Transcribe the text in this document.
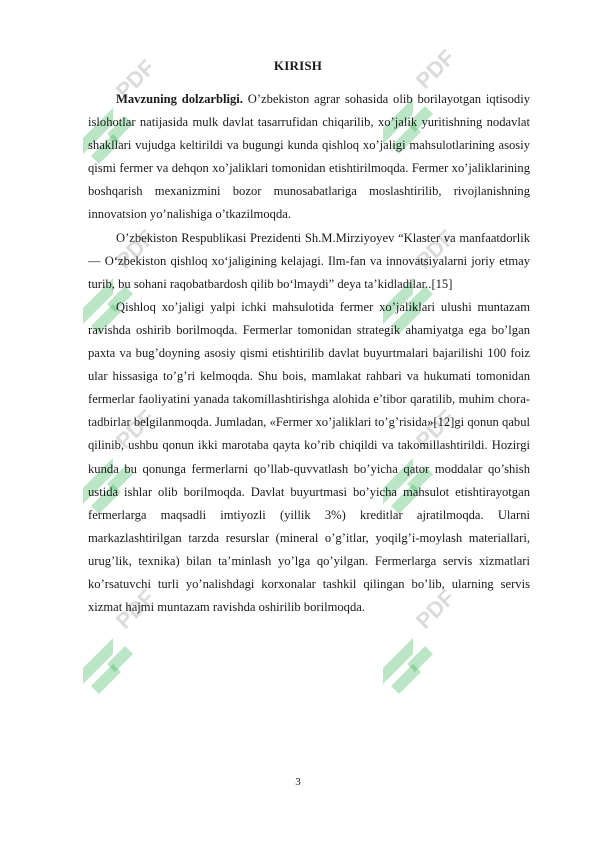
PDF	PDF
PDF	PDF
PDF	PDF
PDF	PDF
KIRISH

Mavzuning dolzarbligi. O’zbekiston agrar sohasida olib borilayotgan iqtisodiy islohotlar natijasida mulk davlat tasarrufidan chiqarilib, xo’jalik yuritishning nodavlat shakllari vujudga keltirildi va bugungi kunda qishloq xo’jaligi mahsulotlarining asosiy qismi fermer va dehqon xo’jaliklari tomonidan etishtirilmoqda. Fermer xo’jaliklarining boshqarish mexanizmini bozor munosabatlariga moslashtirilib, rivojlanishning innovatsion yo’nalishiga o’tkazilmoqda.

O’zbekiston Respublikasi Prezidenti Sh.M.Mirziyoyev “Klaster va manfaatdorlik — O‘zbekiston qishloq xo‘jaligining kelajagi. Ilm-fan va innovatsiyalarni joriy etmay turib, bu sohani raqobatbardosh qilib bo‘lmaydi” deya ta’kidladilar..[15]

Qishloq xo’jaligi yalpi ichki mahsulotida fermer xo’jaliklari ulushi muntazam ravishda oshirib borilmoqda. Fermerlar tomonidan strategik ahamiyatga ega bo’lgan paxta va bug’doyning asosiy qismi etishtirilib davlat buyurtmalari bajarilishi 100 foiz ular hissasiga to’g’ri kelmoqda. Shu bois, mamlakat rahbari va hukumati tomonidan fermerlar faoliyatini yanada takomillashtirishga alohida e’tibor qaratilib, muhim chora-tadbirlar belgilanmoqda. Jumladan, «Fermer xo’jaliklari to’g’risida»[12]gi qonun qabul qilinib, ushbu qonun ikki marotaba qayta ko’rib chiqildi va takomillashtirildi. Hozirgi kunda bu qonunga fermerlarni qo’llab-quvvatlash bo’yicha qator moddalar qo’shish ustida ishlar olib borilmoqda. Davlat buyurtmasi bo’yicha mahsulot etishtirayotgan fermerlarga maqsadli imtiyozli (yillik 3%) kreditlar ajratilmoqda. Ularni markazlashtirilgan tarzda resurslar (mineral o’g’itlar, yoqilg’i-moylash materiallari, urug’lik, texnika) bilan ta’minlash yo’lga qo’yilgan. Fermerlarga servis xizmatlari ko’rsatuvchi turli yo’nalishdagi korxonalar tashkil qilingan bo’lib, ularning servis xizmat hajmi muntazam ravishda oshirilib borilmoqda.

3
